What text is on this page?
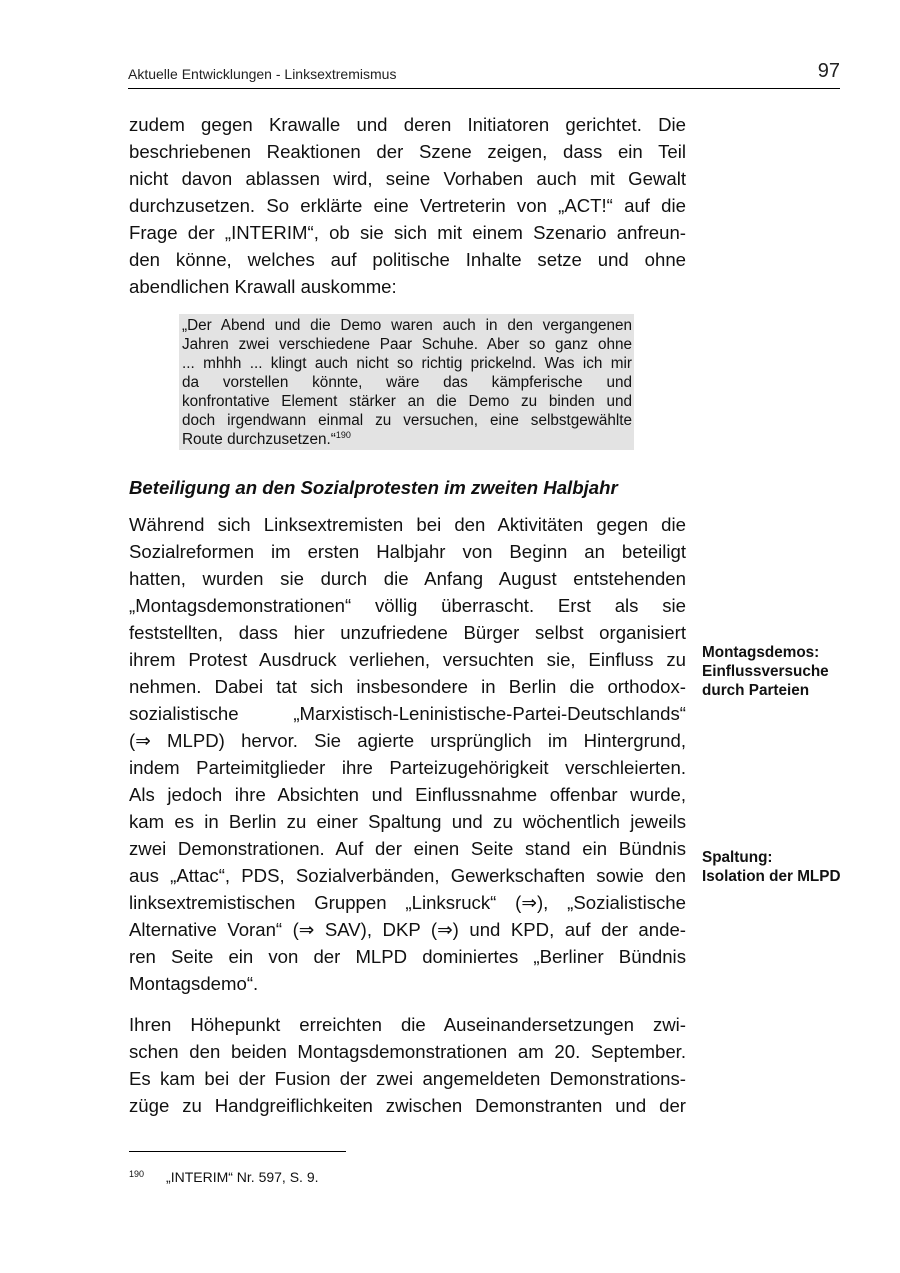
Aktuelle Entwicklungen - Linksextremismus	97
zudem gegen Krawalle und deren Initiatoren gerichtet. Die
beschriebenen Reaktionen der Szene zeigen, dass ein Teil
nicht davon ablassen wird, seine Vorhaben auch mit Gewalt
durchzusetzen. So erklärte eine Vertreterin von „ACT!“ auf die
Frage der „INTERIM“, ob sie sich mit einem Szenario anfreun-
den könne, welches auf politische Inhalte setze und ohne
abendlichen Krawall auskomme:
„Der Abend und die Demo waren auch in den vergangenen
Jahren zwei verschiedene Paar Schuhe. Aber so ganz ohne
... mhhh ... klingt auch nicht so richtig prickelnd. Was ich mir
da vorstellen könnte, wäre das kämpferische und
konfrontative Element stärker an die Demo zu binden und
doch irgendwann einmal zu versuchen, eine selbstgewählte
Route durchzusetzen.“$^{190}$
Beteiligung an den Sozialprotesten im zweiten Halbjahr
Während sich Linksextremisten bei den Aktivitäten gegen die
Sozialreformen im ersten Halbjahr von Beginn an beteiligt
hatten, wurden sie durch die Anfang August entstehenden
„Montagsdemonstrationen“ völlig überrascht. Erst als sie
feststellten, dass hier unzufriedene Bürger selbst organisiert
ihrem Protest Ausdruck verliehen, versuchten sie, Einfluss zu
nehmen. Dabei tat sich insbesondere in Berlin die orthodox-
sozialistische „Marxistisch-Leninistische-Partei-Deutschlands“
(⇒ MLPD) hervor. Sie agierte ursprünglich im Hintergrund,
indem Parteimitglieder ihre Parteizugehörigkeit verschleierten.
Als jedoch ihre Absichten und Einflussnahme offenbar wurde,
kam es in Berlin zu einer Spaltung und zu wöchentlich jeweils
zwei Demonstrationen. Auf der einen Seite stand ein Bündnis
aus „Attac“, PDS, Sozialverbänden, Gewerkschaften sowie den
linksextremistischen Gruppen „Linksruck“ (⇒), „Sozialistische
Alternative Voran“ (⇒ SAV), DKP (⇒) und KPD, auf der ande-
ren Seite ein von der MLPD dominiertes „Berliner Bündnis
Montagsdemo“.
Ihren Höhepunkt erreichten die Auseinandersetzungen zwi-
schen den beiden Montagsdemonstrationen am 20. September.
Es kam bei der Fusion der zwei angemeldeten Demonstrations-
züge zu Handgreiflichkeiten zwischen Demonstranten und der
Montagsdemos:
Einflussversuche
durch Parteien
Spaltung:
Isolation der MLPD
$^{190}$ „INTERIM“ Nr. 597, S. 9.
